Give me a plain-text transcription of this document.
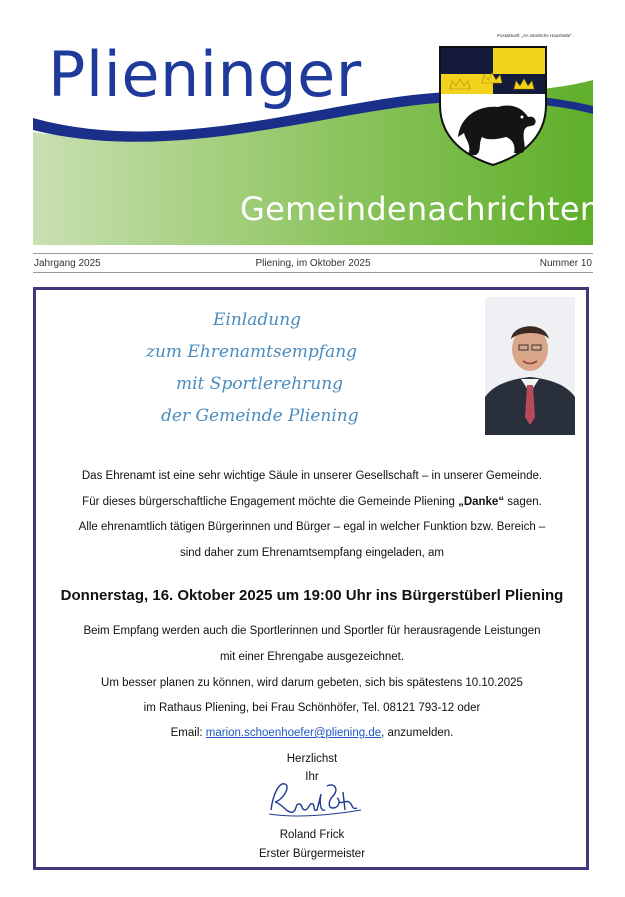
Postaktuell: „An sämtliche Haushalte“.
Plieninger
Gemeindenachrichten
Jahrgang 2025	Pliening, im Oktober 2025	Nummer 10
Einladung
zum Ehrenamtsempfang
mit Sportlerehrung
der Gemeinde Pliening
Das Ehrenamt ist eine sehr wichtige Säule in unserer Gesellschaft – in unserer Gemeinde.
Für dieses bürgerschaftliche Engagement möchte die Gemeinde Pliening „Danke“ sagen.
Alle ehrenamtlich tätigen Bürgerinnen und Bürger – egal in welcher Funktion bzw. Bereich –
sind daher zum Ehrenamtsempfang eingeladen, am
Donnerstag, 16. Oktober 2025 um 19:00 Uhr ins Bürgerstüberl Pliening
Beim Empfang werden auch die Sportlerinnen und Sportler für herausragende Leistungen
mit einer Ehrengabe ausgezeichnet.
Um besser planen zu können, wird darum gebeten, sich bis spätestens 10.10.2025
im Rathaus Pliening, bei Frau Schönhöfer, Tel. 08121 793-12 oder
Email: marion.schoenhoefer@pliening.de, anzumelden.
Herzlichst
Ihr
Roland Frick
Erster Bürgermeister
